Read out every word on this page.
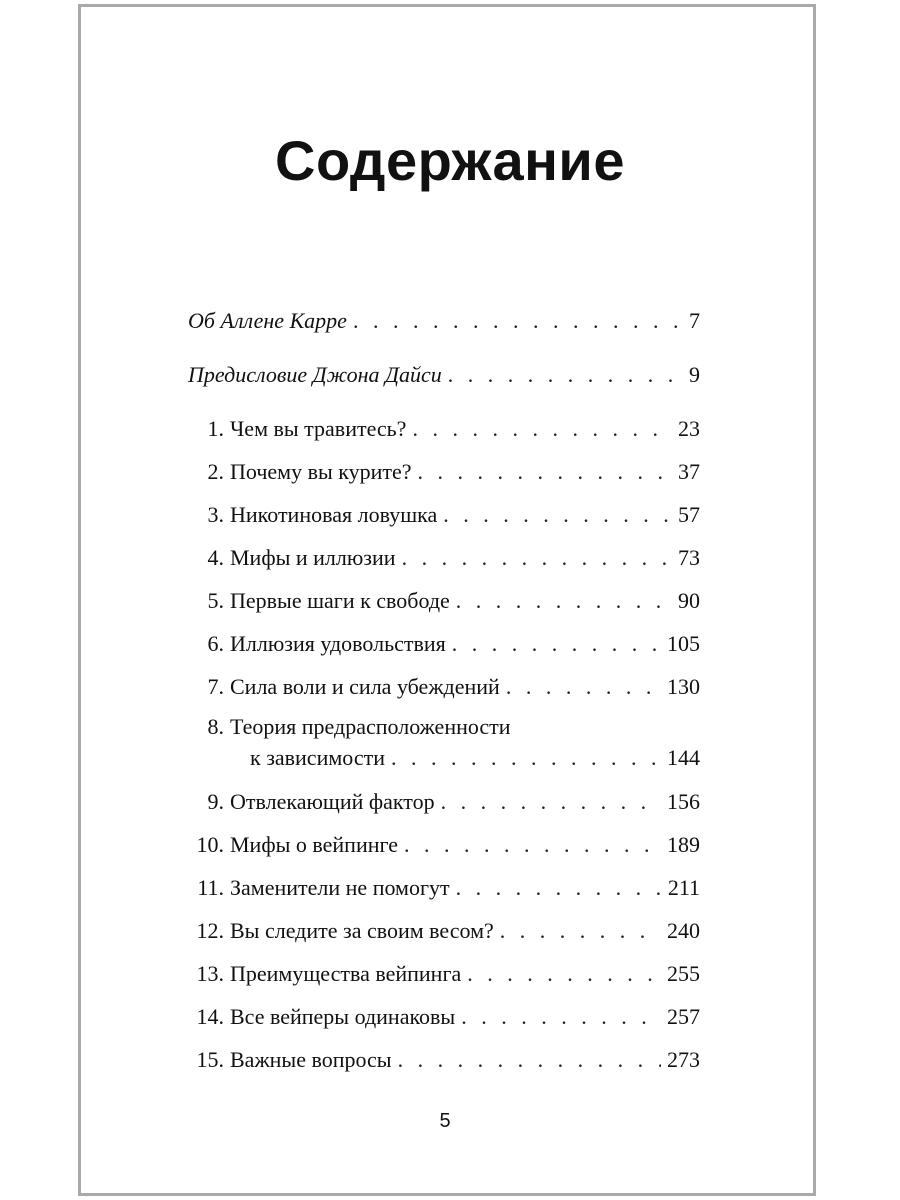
Содержание
Об Аллене Карре . . .	7
Предисловие Джона Дайси . . .	9
1. Чем вы травитесь? . . .	23
2. Почему вы курите? . . .	37
3. Никотиновая ловушка . . .	57
4. Мифы и иллюзии . . .	73
5. Первые шаги к свободе . . .	90
6. Иллюзия удовольствия . . .	105
7. Сила воли и сила убеждений . . .	130
8. Теория предрасположенности
к зависимости . . .	144
9. Отвлекающий фактор . . .	156
10. Мифы о вейпинге . . .	189
11. Заменители не помогут . . .	211
12. Вы следите за своим весом? . . .	240
13. Преимущества вейпинга . . .	255
14. Все вейперы одинаковы . . .	257
15. Важные вопросы . . .	273
5
